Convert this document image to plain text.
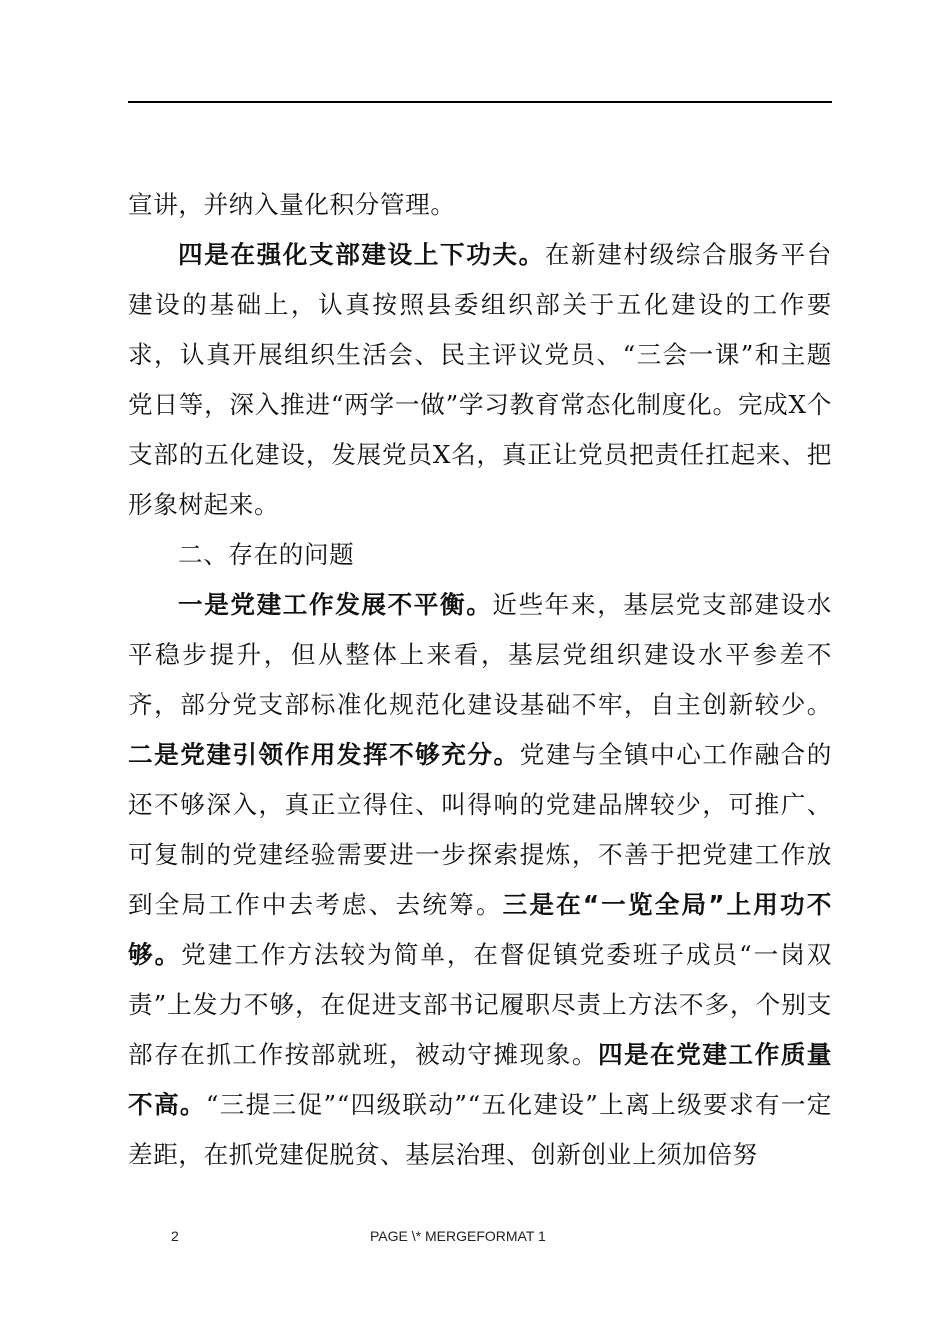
宣讲，并纳入量化积分管理。

四是在强化支部建设上下功夫。在新建村级综合服务平台建设的基础上，认真按照县委组织部关于五化建设的工作要求，认真开展组织生活会、民主评议党员、“三会一课”和主题党日等，深入推进“两学一做”学习教育常态化制度化。完成X个支部的五化建设，发展党员X名，真正让党员把责任扛起来、把形象树起来。

二、存在的问题

一是党建工作发展不平衡。近些年来，基层党支部建设水平稳步提升，但从整体上来看，基层党组织建设水平参差不齐，部分党支部标准化规范化建设基础不牢，自主创新较少。二是党建引领作用发挥不够充分。党建与全镇中心工作融合的还不够深入，真正立得住、叫得响的党建品牌较少，可推广、可复制的党建经验需要进一步探索提炼，不善于把党建工作放到全局工作中去考虑、去统筹。三是在“一览全局”上用功不够。党建工作方法较为简单，在督促镇党委班子成员“一岗双责”上发力不够，在促进支部书记履职尽责上方法不多，个别支部存在抓工作按部就班，被动守摊现象。四是在党建工作质量不高。“三提三促”“四级联动”“五化建设”上离上级要求有一定差距，在抓党建促脱贫、基层治理、创新创业上须加倍努

2	PAGE \* MERGEFORMAT 1
